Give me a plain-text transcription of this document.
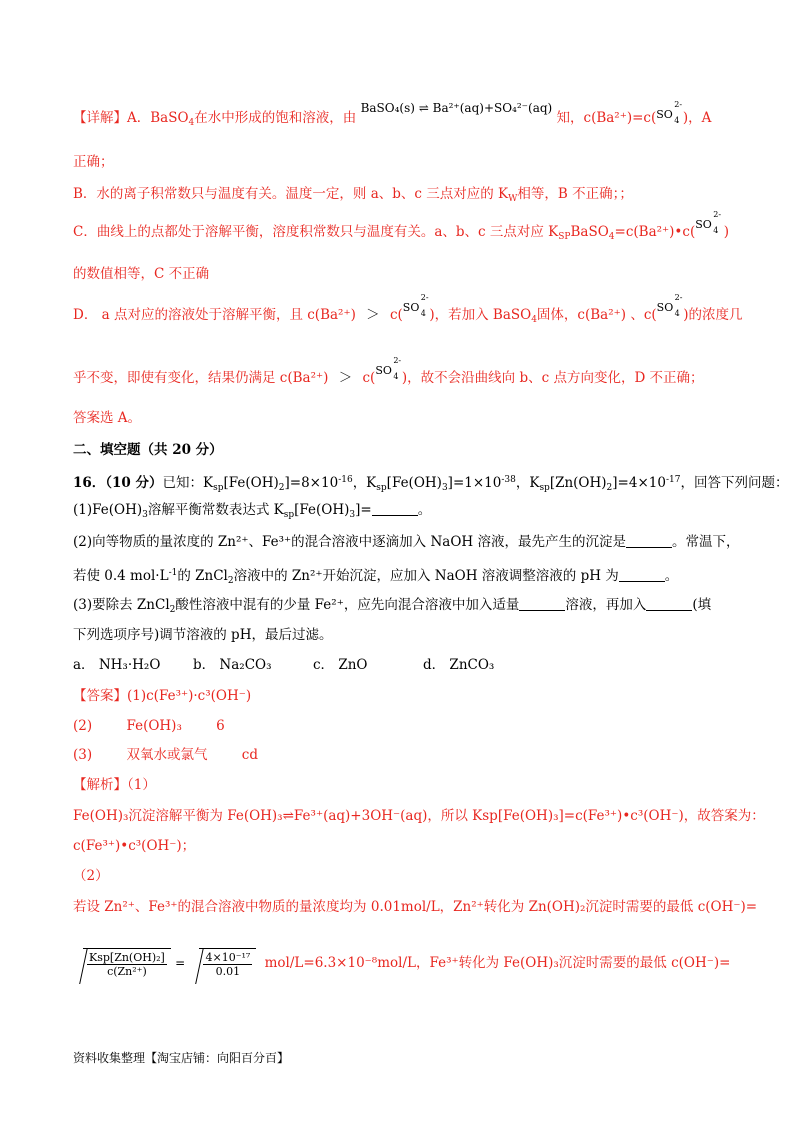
【详解】A．BaSO$_4$在水中形成的饱和溶液，由 BaSO₄(s) ⇌ Ba²⁺(aq)+SO₄²⁻(aq) 知，c(Ba²⁺)=c(SO
2-
4 )，A
正确；
B．水的离子积常数只与温度有关。温度一定，则 a、b、c 三点对应的 $K_W$相等，B 不正确；；
C．曲线上的点都处于溶解平衡，溶度积常数只与温度有关。a、b、c 三点对应 $K_{SP}BaSO_4=c(Ba^{2+})•c(SO$
2-
4 )
的数值相等，C 不正确
D． a 点对应的溶液处于溶解平衡，且 c(Ba²⁺) ＞ c(SO
2-
4 )，若加入 BaSO$_4$固体，c(Ba²⁺) 、c(SO
2-
4 )的浓度几
乎不变，即使有变化，结果仍满足 c(Ba²⁺) ＞ c(SO
2-
4 )，故不会沿曲线向 b、c 点方向变化，D 不正确；
答案选 A。
二、填空题（共 20 分）
16．（10 分）已知：$K_{sp}[Fe(OH)_2]=8\times 10^{-16}$，$K_{sp}[Fe(OH)_3]=1\times 10^{-38}$，$K_{sp}[Zn(OH)_2]=4\times 10^{-17}$，回答下列问题：
$(1)Fe(OH)_3$溶解平衡常数表达式 $K_{sp}[Fe(OH)_3]=$	。
(2)向等物质的量浓度的 Zn²⁺、Fe³⁺的混合溶液中逐滴加入 NaOH 溶液，最先产生的沉淀是	。常温下，
若使 0.4 $mol\cdot L^{-1}$的 ZnCl$_2$溶液中的 Zn²⁺开始沉淀，应加入 NaOH 溶液调整溶液的 pH 为	。
(3)要除去 ZnCl$_2$酸性溶液中混有的少量 Fe²⁺，应先向混合溶液中加入适量	溶液，再加入	(填
下列选项序号)调节溶液的 pH，最后过滤。
a． NH₃·H₂O b． Na₂CO₃	c． ZnO	d． ZnCO₃
【答案】(1)c(Fe³⁺)·c³(OH⁻)
(2)        Fe(OH)₃        6
(3)        双氧水或氯气        cd
【解析】（1）
Fe(OH)₃沉淀溶解平衡为 Fe(OH)₃⇌Fe³⁺(aq)+3OH⁻(aq)，所以 Ksp[Fe(OH)₃]=c(Fe³⁺)•c³(OH⁻)，故答案为：
c(Fe³⁺)•c³(OH⁻)；
（2）
若设 Zn²⁺、Fe³⁺的混合溶液中物质的量浓度均为 0.01mol/L，Zn²⁺转化为 Zn(OH)₂沉淀时需要的最低 c(OH⁻)=
$\frac{\text{Ksp[Zn(OH)₂]}}{\text{c(Zn²⁺)}} = \frac{\text{4×10⁻¹⁷}}{0.01} mol/L=6.3\times 10^{-8}mol/L$，Fe³⁺转化为 Fe(OH)₃沉淀时需要的最低 c(OH⁻)=
资料收集整理【淘宝店铺：向阳百分百】
